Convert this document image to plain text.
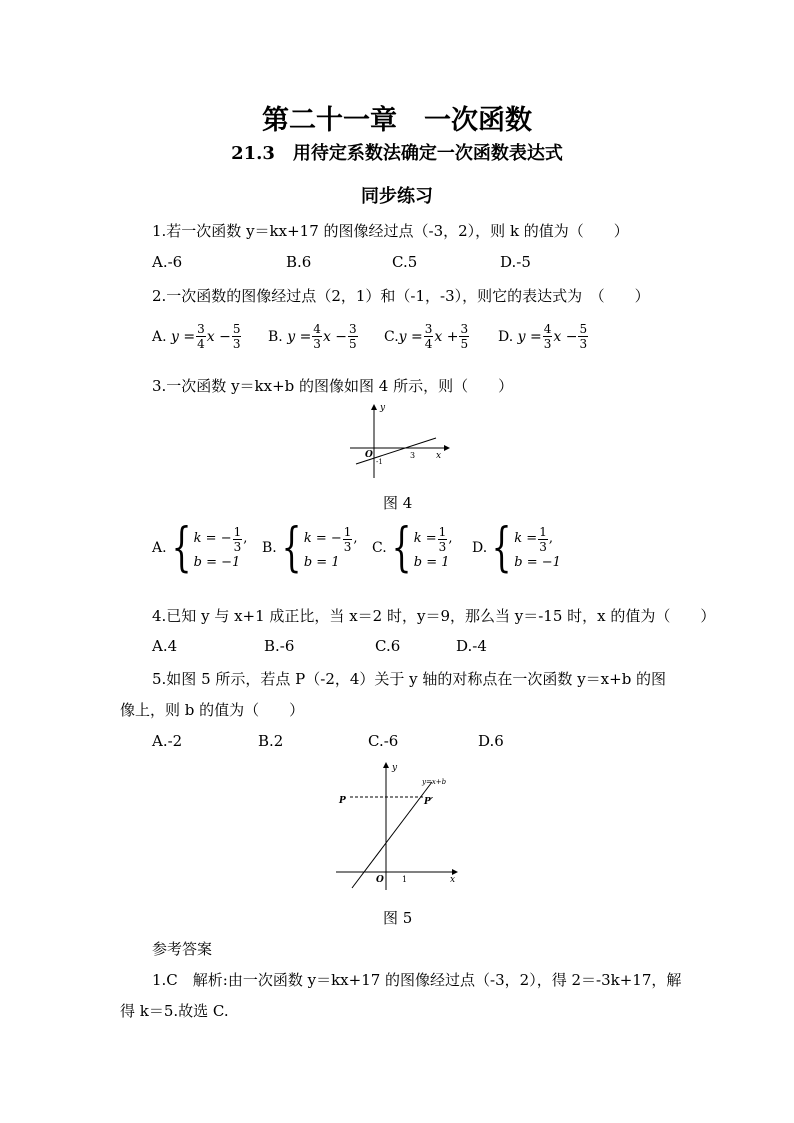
第二十一章　一次函数
21.3　用待定系数法确定一次函数表达式
同步练习
1.若一次函数 y＝kx+17 的图像经过点（-3，2），则 k 的值为（　　）
A.-6	B.6	C.5	D.-5
2.一次函数的图像经过点（2，1）和（-1，-3），则它的表达式为　（　　）
A.
$y = \frac{3}{4}$ $x - \frac{5}{3} B$.
$y = \frac{4}{3}$ $x - \frac{3}{5} C$. $y = \frac{3}{4}$ $x + \frac{3}{5} D$.
$y = \frac{4}{3}$ $x - \frac{5}{3}$
3.一次函数 y＝kx+b 的图像如图 4 所示，则（　　）
y
x
O	3
-1
图 4
A. { k = − $\frac{1}{3}$ ,
b = −1
B. { k = − $\frac{1}{3}$ ,
b = 1
C. { $k = \frac{1}{3}$ ,
b = 1
D. { $k = \frac{1}{3}$ ,
b = −1
4.已知 y 与 x+1 成正比，当 x＝2 时，y＝9，那么当 y＝-15 时，x 的值为（　　）
A.4	B.-6	C.6	D.-4
5.如图 5 所示，若点 P（-2，4）关于 y 轴的对称点在一次函数 y＝x+b 的图
像上，则 b 的值为（　　）
A.-2	B.2	C.-6	D.6
y
x
O 1
y=x+b
P	P′
图 5
参考答案
1.C　解析:由一次函数 y＝kx+17 的图像经过点（-3，2），得 2＝-3k+17，解
得 k＝5.故选 C.
